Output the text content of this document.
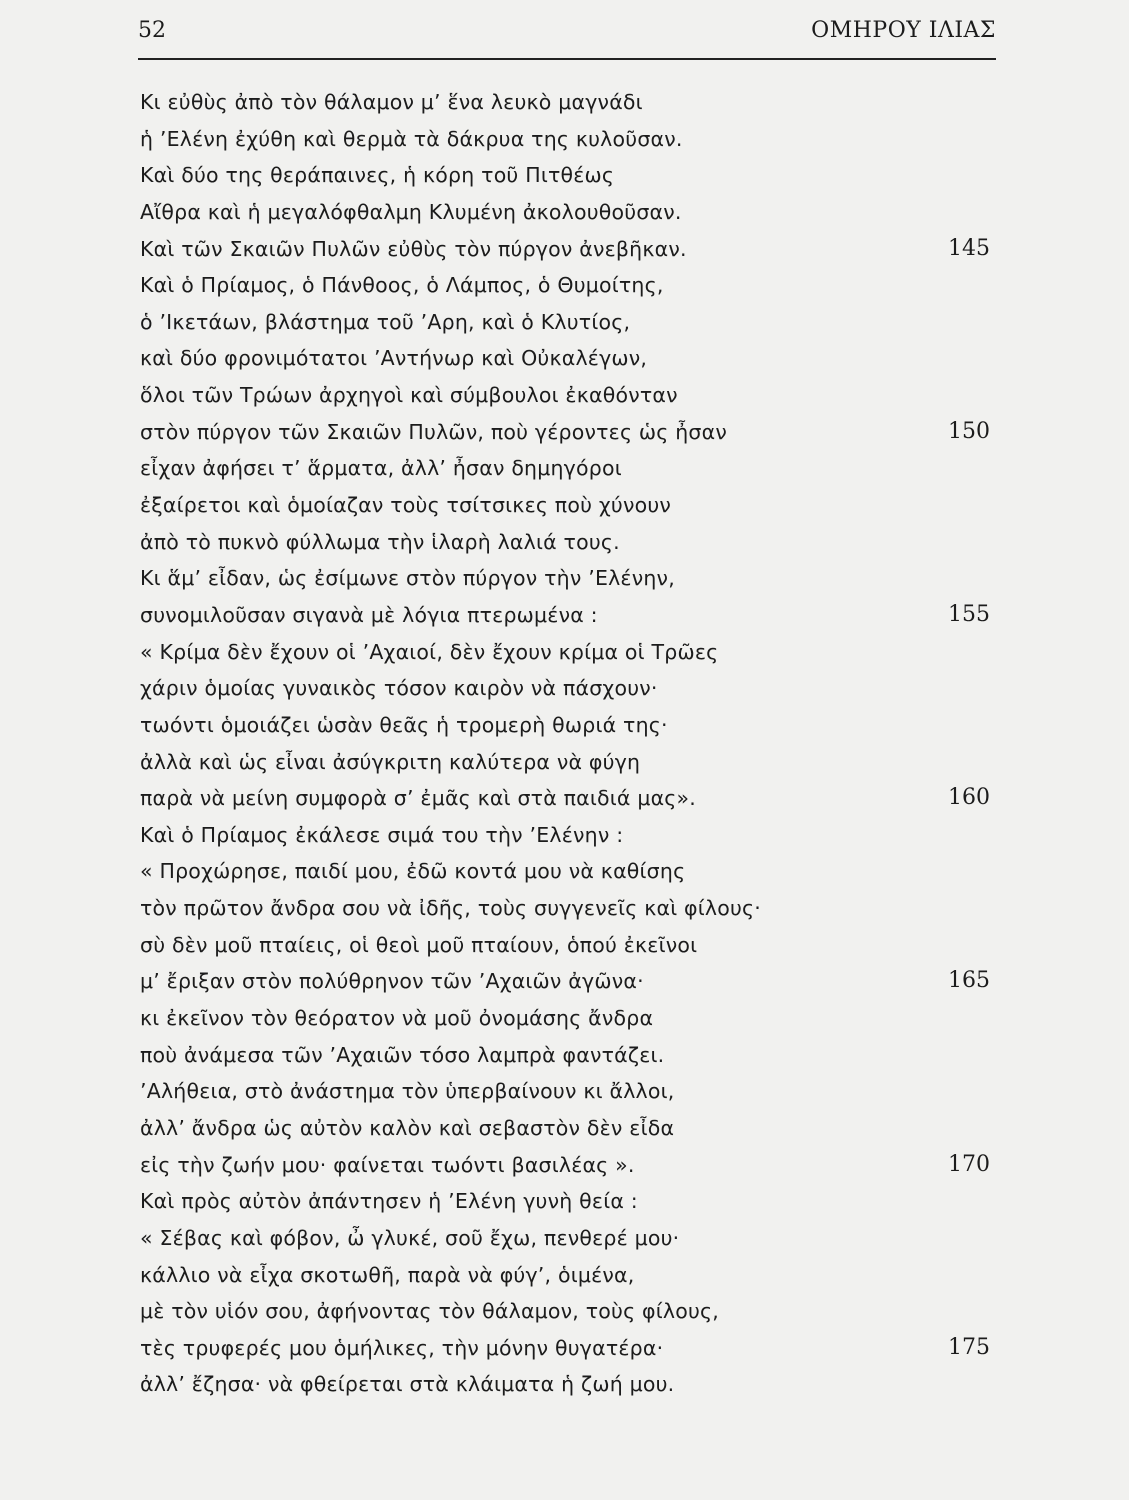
52	ΟΜΗΡΟΥ ΙΛΙΑΣ
Κι εὐθὺς ἀπὸ τὸν θάλαμον μ’ ἕνα λευκὸ μαγνάδι
ἡ ’Ελένη ἐχύθη καὶ θερμὰ τὰ δάκρυα της κυλοῦσαν.
Καὶ δύο της θεράπαινες, ἡ κόρη τοῦ Πιτθέως
Αἴθρα καὶ ἡ μεγαλόφθαλμη Κλυμένη ἀκολουθοῦσαν.
Καὶ τῶν Σκαιῶν Πυλῶν εὐθὺς τὸν πύργον ἀνεβῆκαν.	145
Καὶ ὁ Πρίαμος, ὁ Πάνθοος, ὁ Λάμπος, ὁ Θυμοίτης,
ὁ ’Ικετάων, βλάστημα τοῦ ’Αρη, καὶ ὁ Κλυτίος,
καὶ δύο φρονιμότατοι ’Αντήνωρ καὶ Οὐκαλέγων,
ὅλοι τῶν Τρώων ἀρχηγοὶ καὶ σύμβουλοι ἐκαθόνταν
στὸν πύργον τῶν Σκαιῶν Πυλῶν, ποὺ γέροντες ὡς ἦσαν	150
εἶχαν ἀφήσει τ’ ἅρματα, ἀλλ’ ἦσαν δημηγόροι
ἐξαίρετοι καὶ ὁμοίαζαν τοὺς τσίτσικες ποὺ χύνουν
ἀπὸ τὸ πυκνὸ φύλλωμα τὴν ἱλαρὴ λαλιά τους.
Κι ἅμ’ εἶδαν, ὡς ἐσίμωνε στὸν πύργον τὴν ’Ελένην,
συνομιλοῦσαν σιγανὰ μὲ λόγια πτερωμένα :	155
« Κρίμα δὲν ἔχουν οἱ ’Αχαιοί, δὲν ἔχουν κρίμα οἱ Τρῶες
χάριν ὁμοίας γυναικὸς τόσον καιρὸν νὰ πάσχουν·
τωόντι ὁμοιάζει ὡσὰν θεᾶς ἡ τρομερὴ θωριά της·
ἀλλὰ καὶ ὡς εἶναι ἀσύγκριτη καλύτερα νὰ φύγη
παρὰ νὰ μείνη συμφορὰ σ’ ἐμᾶς καὶ στὰ παιδιά μας».	160
Καὶ ὁ Πρίαμος ἐκάλεσε σιμά του τὴν ’Ελένην :
« Προχώρησε, παιδί μου, ἐδῶ κοντά μου νὰ καθίσης
τὸν πρῶτον ἄνδρα σου νὰ ἰδῆς, τοὺς συγγενεῖς καὶ φίλους·
σὺ δὲν μοῦ πταίεις, οἱ θεοὶ μοῦ πταίουν, ὁπού ἐκεῖνοι
μ’ ἔριξαν στὸν πολύθρηνον τῶν ’Αχαιῶν ἀγῶνα·	165
κι ἐκεῖνον τὸν θεόρατον νὰ μοῦ ὀνομάσης ἄνδρα
ποὺ ἀνάμεσα τῶν ’Αχαιῶν τόσο λαμπρὰ φαντάζει.
’Αλήθεια, στὸ ἀνάστημα τὸν ὑπερβαίνουν κι ἄλλοι,
ἀλλ’ ἄνδρα ὡς αὐτὸν καλὸν καὶ σεβαστὸν δὲν εἶδα
εἰς τὴν ζωήν μου· φαίνεται τωόντι βασιλέας ».	170
Καὶ πρὸς αὐτὸν ἀπάντησεν ἡ ’Ελένη γυνὴ θεία :
« Σέβας καὶ φόβον, ὦ γλυκέ, σοῦ ἔχω, πενθερέ μου·
κάλλιο νὰ εἶχα σκοτωθῆ, παρὰ νὰ φύγ’, ὁιμένα,
μὲ τὸν υἱόν σου, ἀφήνοντας τὸν θάλαμον, τοὺς φίλους,
τὲς τρυφερές μου ὁμήλικες, τὴν μόνην θυγατέρα·	175
ἀλλ’ ἔζησα· νὰ φθείρεται στὰ κλάιματα ἡ ζωή μου.
